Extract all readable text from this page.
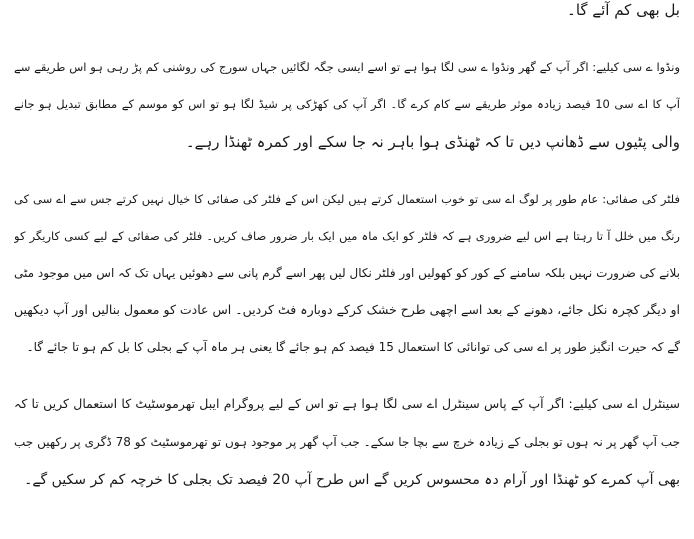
بل بھی کم آئے گا۔
ونڈوا ے سی کیلیے: اگر آپ کے گھر ونڈوا ے سی لگا ہوا ہے تو اسے ایسی جگہ لگائیں جہاں سورج کی روشنی کم پڑ رہی ہو اس طریقے سے
آپ کا اے سی 10 فیصد زیادہ موثر طریقے سے کام کرے گا۔ اگر آپ کی کھڑکی پر شیڈ لگا ہو تو اس کو موسم کے مطابق تبدیل ہو جانے
والی پٹیوں سے ڈھانپ دیں تا کہ ٹھنڈی ہوا باہر نہ جا سکے اور کمرہ ٹھنڈا رہے۔
فلٹر کی صفائی: عام طور پر لوگ اے سی تو خوب استعمال کرتے ہیں لیکن اس کے فلٹر کی صفائی کا خیال نہیں کرتے جس سے اے سی کی
رنگ میں خلل آ تا رہتا ہے اس لیے ضروری ہے کہ فلٹر کو ایک ماہ میں ایک بار ضرور صاف کریں۔ فلٹر کی صفائی کے لیے کسی کاریگر کو
بلانے کی ضرورت نہیں بلکہ سامنے کے کور کو کھولیں اور فلٹر نکال لیں پھر اسے گرم پانی سے دھوئیں یہاں تک کہ اس میں موجود مٹی
او دیگر کچرہ نکل جائے، دھونے کے بعد اسے اچھی طرح خشک کرکے دوبارہ فٹ کردیں۔ اس عادت کو معمول بنالیں اور آپ دیکھیں
گے کہ حیرت انگیز طور پر اے سی کی توانائی کا استعمال 15 فیصد کم ہو جائے گا یعنی ہر ماہ آپ کے بجلی کا بل کم ہو تا جائے گا۔
سینٹرل اے سی کیلیے: اگر آپ کے پاس سینٹرل اے سی لگا ہوا ہے تو اس کے لیے پروگرام ایبل تھرموسٹیٹ کا استعمال کریں تا کہ
جب آپ گھر پر نہ ہوں تو بجلی کے زیادہ خرچ سے بچا جا سکے۔ جب آپ گھر پر موجود ہوں تو تھرموسٹیٹ کو 78 ڈگری پر رکھیں جب
بھی آپ کمرے کو ٹھنڈا اور آرام دہ محسوس کریں گے اس طرح آپ 20 فیصد تک بجلی کا خرچہ کم کر سکیں گے۔
